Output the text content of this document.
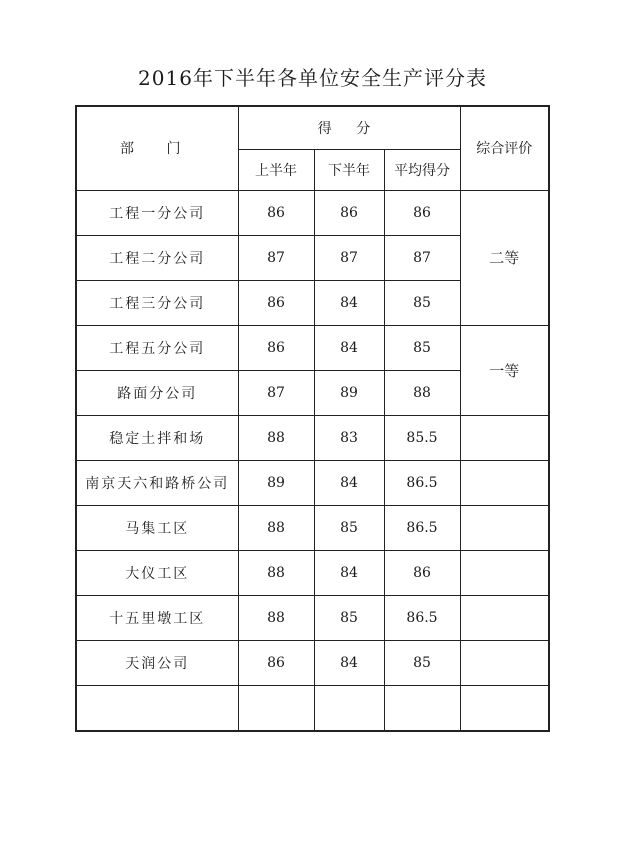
2016年下半年各单位安全生产评分表
部 门	得 分			综合评价
	上半年	下半年	平均得分	
工程一分公司	86	86	86	二等
工程二分公司	87	87	87	
工程三分公司	86	84	85	
工程五分公司	86	84	85	一等
路面分公司	87	89	88	
稳定土拌和场	88	83	85.5	
南京天六和路桥公司	89	84	86.5	
马集工区	88	85	86.5	
大仪工区	88	84	86	
十五里墩工区	88	85	86.5	
天润公司	86	84	85	
